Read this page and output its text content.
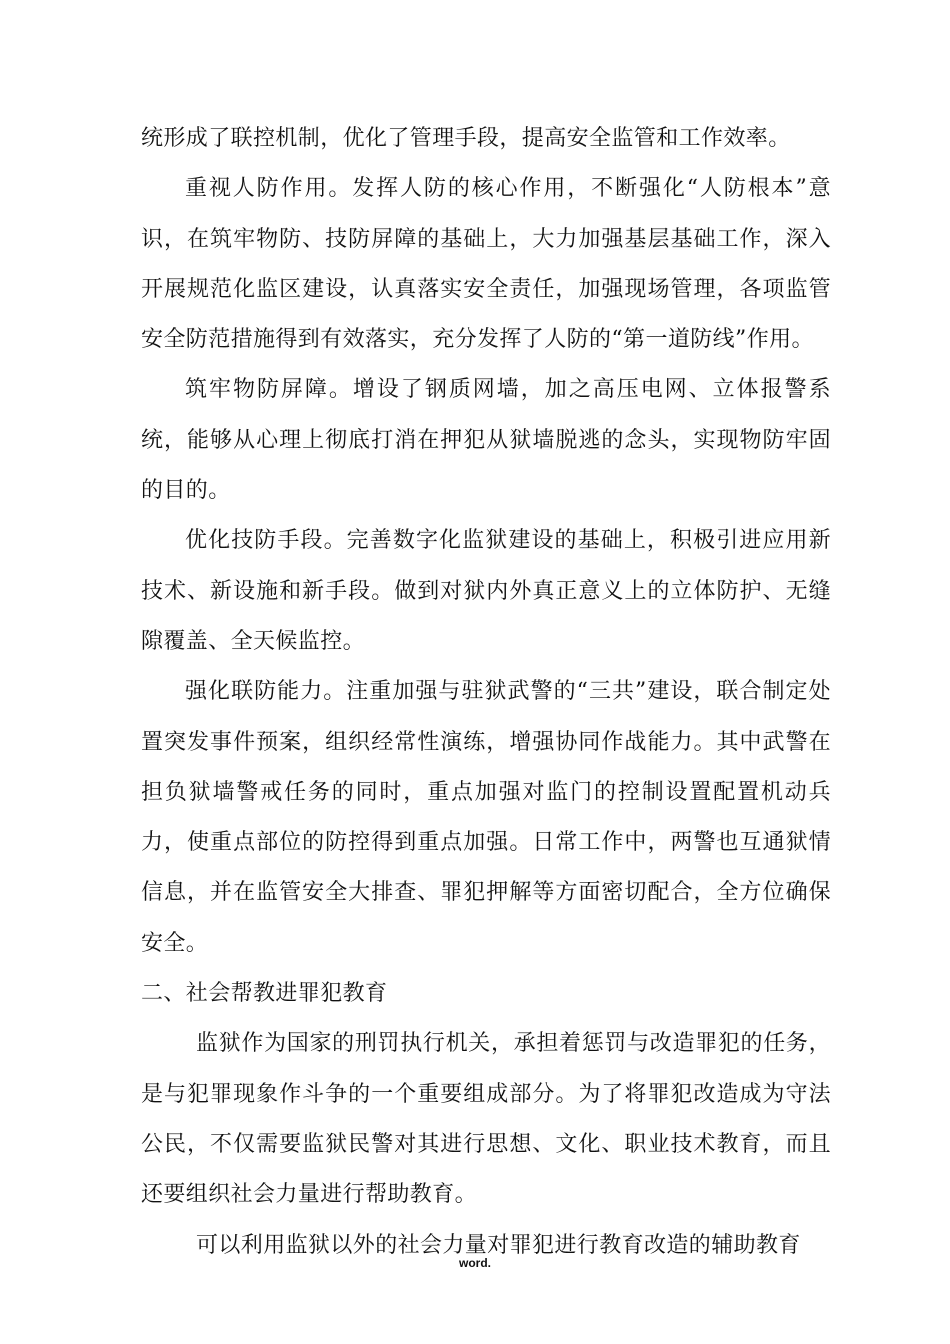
统形成了联控机制，优化了管理手段，提高安全监管和工作效率。

重视人防作用。发挥人防的核心作用，不断强化“人防根本”意识，在筑牢物防、技防屏障的基础上，大力加强基层基础工作，深入开展规范化监区建设，认真落实安全责任，加强现场管理，各项监管安全防范措施得到有效落实，充分发挥了人防的“第一道防线”作用。

筑牢物防屏障。增设了钢质网墙，加之高压电网、立体报警系统，能够从心理上彻底打消在押犯从狱墙脱逃的念头，实现物防牢固的目的。

优化技防手段。完善数字化监狱建设的基础上，积极引进应用新技术、新设施和新手段。做到对狱内外真正意义上的立体防护、无缝隙覆盖、全天候监控。

强化联防能力。注重加强与驻狱武警的“三共”建设，联合制定处置突发事件预案，组织经常性演练，增强协同作战能力。其中武警在担负狱墙警戒任务的同时，重点加强对监门的控制设置配置机动兵力，使重点部位的防控得到重点加强。日常工作中，两警也互通狱情信息，并在监管安全大排查、罪犯押解等方面密切配合，全方位确保安全。

二、社会帮教进罪犯教育

监狱作为国家的刑罚执行机关，承担着惩罚与改造罪犯的任务，是与犯罪现象作斗争的一个重要组成部分。为了将罪犯改造成为守法公民，不仅需要监狱民警对其进行思想、文化、职业技术教育，而且还要组织社会力量进行帮助教育。

可以利用监狱以外的社会力量对罪犯进行教育改造的辅助教育

word.
